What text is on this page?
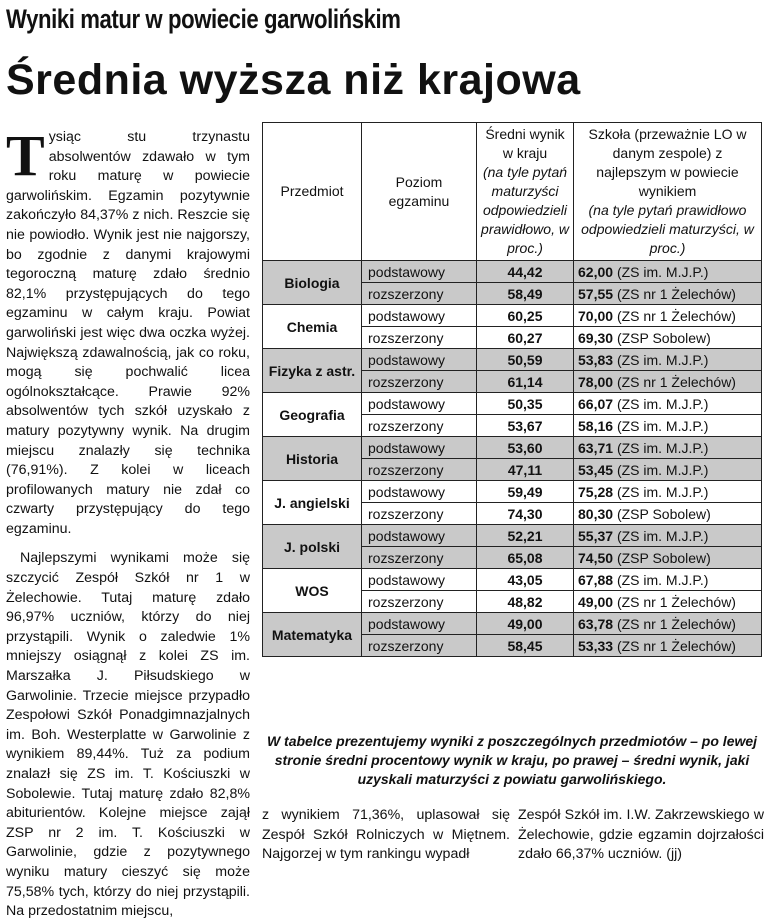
Wyniki matur w powiecie garwolińskim
Średnia wyższa niż krajowa

Tysiąc stu trzynastu absolwentów zdawało w tym roku maturę w powiecie garwolińskim. Egzamin pozytywnie zakończyło 84,37% z nich. Reszcie się nie powiodło. Wynik jest nie najgorszy, bo zgodnie z danymi krajowymi tegoroczną maturę zdało średnio 82,1% przystępujących do tego egzaminu w całym kraju. Powiat garwoliński jest więc dwa oczka wyżej. Największą zdawalnością, jak co roku, mogą się pochwalić licea ogólnokształcące. Prawie 92% absolwentów tych szkół uzyskało z matury pozytywny wynik. Na drugim miejscu znalazły się technika (76,91%). Z kolei w liceach profilowanych matury nie zdał co czwarty przystępujący do tego egzaminu.

Najlepszymi wynikami może się szczycić Zespół Szkół nr 1 w Żelechowie. Tutaj maturę zdało 96,97% uczniów, którzy do niej przystąpili. Wynik o zaledwie 1% mniejszy osiągnął z kolei ZS im. Marszałka J. Piłsudskiego w Garwolinie. Trzecie miejsce przypadło Zespołowi Szkół Ponadgimnazjalnych im. Boh. Westerplatte w Garwolinie z wynikiem 89,44%. Tuż za podium znalazł się ZS im. T. Kościuszki w Sobolewie. Tutaj maturę zdało 82,8% abiturientów. Kolejne miejsce zajął ZSP nr 2 im. T. Kościuszki w Garwolinie, gdzie z pozytywnego wyniku matury cieszyć się może 75,58% tych, którzy do niej przystąpili. Na przedostatnim miejscu,

Przedmiot	Poziom egzaminu	Średni wynik w kraju
(na tyle pytań maturzyści odpowiedzieli prawidłowo, w proc.)	Szkoła (przeważnie LO w danym zespole) z najlepszym w powiecie wynikiem
(na tyle pytań prawidłowo odpowiedzieli maturzyści, w proc.)
Biologia	podstawowy	44,42	62,00 (ZS im. M.J.P.)
	rozszerzony	58,49	57,55 (ZS nr 1 Żelechów)
Chemia	podstawowy	60,25	70,00 (ZS nr 1 Żelechów)
	rozszerzony	60,27	69,30 (ZSP Sobolew)
Fizyka z astr.	podstawowy	50,59	53,83 (ZS im. M.J.P.)
	rozszerzony	61,14	78,00 (ZS nr 1 Żelechów)
Geografia	podstawowy	50,35	66,07 (ZS im. M.J.P.)
	rozszerzony	53,67	58,16 (ZS im. M.J.P.)
Historia	podstawowy	53,60	63,71 (ZS im. M.J.P.)
	rozszerzony	47,11	53,45 (ZS im. M.J.P.)
J. angielski	podstawowy	59,49	75,28 (ZS im. M.J.P.)
	rozszerzony	74,30	80,30 (ZSP Sobolew)
J. polski	podstawowy	52,21	55,37 (ZS im. M.J.P.)
	rozszerzony	65,08	74,50 (ZSP Sobolew)
WOS	podstawowy	43,05	67,88 (ZS im. M.J.P.)
	rozszerzony	48,82	49,00 (ZS nr 1 Żelechów)
Matematyka	podstawowy	49,00	63,78 (ZS nr 1 Żelechów)
	rozszerzony	58,45	53,33 (ZS nr 1 Żelechów)
W tabelce prezentujemy wyniki z poszczególnych przedmiotów – po lewej stronie średni procentowy wynik w kraju, po prawej – średni wynik, jaki uzyskali maturzyści z powiatu garwolińskiego.

z wynikiem 71,36%, uplasował się Zespół Szkół Rolniczych w Miętnem. Najgorzej w tym rankingu wypadł

Zespół Szkół im. I.W. Zakrzewskiego w Żelechowie, gdzie egzamin dojrzałości zdało 66,37% uczniów. (jj)
